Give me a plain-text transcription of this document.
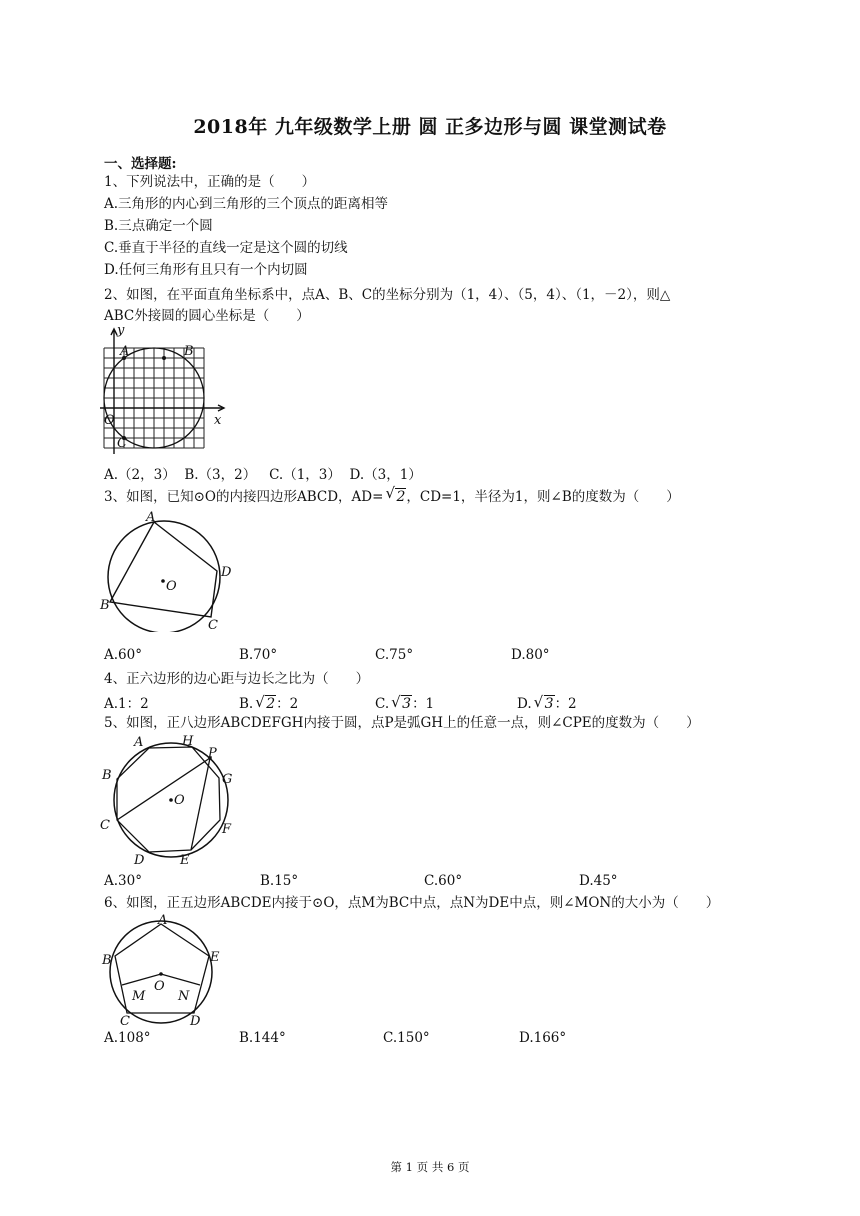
2018年 九年级数学上册 圆 正多边形与圆 课堂测试卷
一、选择题:
1、下列说法中，正确的是（　　）
A.三角形的内心到三角形的三个顶点的距离相等
B.三点确定一个圆
C.垂直于半径的直线一定是这个圆的切线
D.任何三角形有且只有一个内切圆
2、如图，在平面直角坐标系中，点A、B、C的坐标分别为（1，4）、（5，4）、（1，－2），则△
ABC外接圆的圆心坐标是（　　）
y
x
O
A	B
C
A.（2，3） B.（3，2） C.（1，3） D.（3，1）
3、如图，已知⊙O的内接四边形ABCD，AD= √ 2，CD=1，半径为1，则∠B的度数为（　　）
A
B
C
D
O
A.60°	B.70°	C.75°	D.80°
4、正六边形的边心距与边长之比为（　　）
A.1：2	B. √ 2：2	C. √ 3：1	D. √ 3：2
5、如图，正八边形ABCDEFGH内接于圆，点P是弧GH上的任意一点，则∠CPE的度数为（　　）
A
B
C
D	E
F
G
H
P
O
A.30°	B.15°	C.60°	D.45°
6、如图，正五边形ABCDE内接于⊙O，点M为BC中点，点N为DE中点，则∠MON的大小为（　　）
A
B
C	D
E
M	N
O
A.108°	B.144°	C.150°	D.166°
第 1 页 共 6 页
